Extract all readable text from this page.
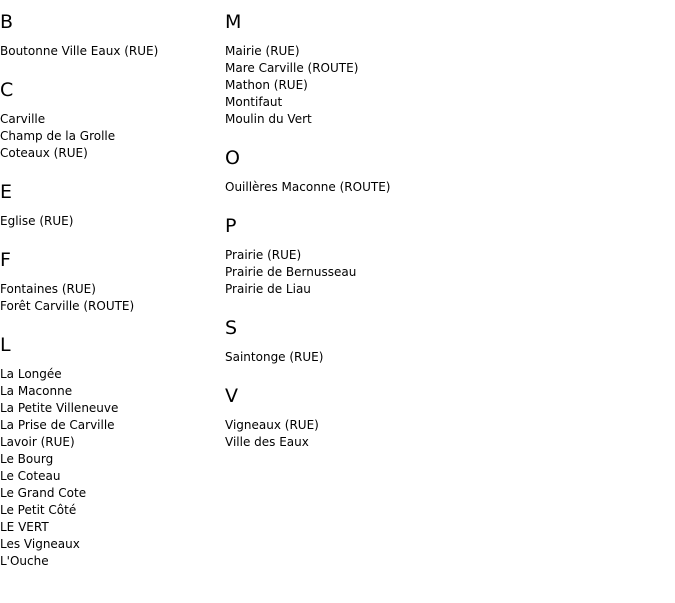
B
Boutonne Ville Eaux (RUE)
C
Carville
Champ de la Grolle
Coteaux (RUE)
E
Eglise (RUE)
F
Fontaines (RUE)
Forêt Carville (ROUTE)
L
La Longée
La Maconne
La Petite Villeneuve
La Prise de Carville
Lavoir (RUE)
Le Bourg
Le Coteau
Le Grand Cote
Le Petit Côté
LE VERT
Les Vigneaux
L'Ouche
M
Mairie (RUE)
Mare Carville (ROUTE)
Mathon (RUE)
Montifaut
Moulin du Vert
O
Ouillères Maconne (ROUTE)
P
Prairie (RUE)
Prairie de Bernusseau
Prairie de Liau
S
Saintonge (RUE)
V
Vigneaux (RUE)
Ville des Eaux
